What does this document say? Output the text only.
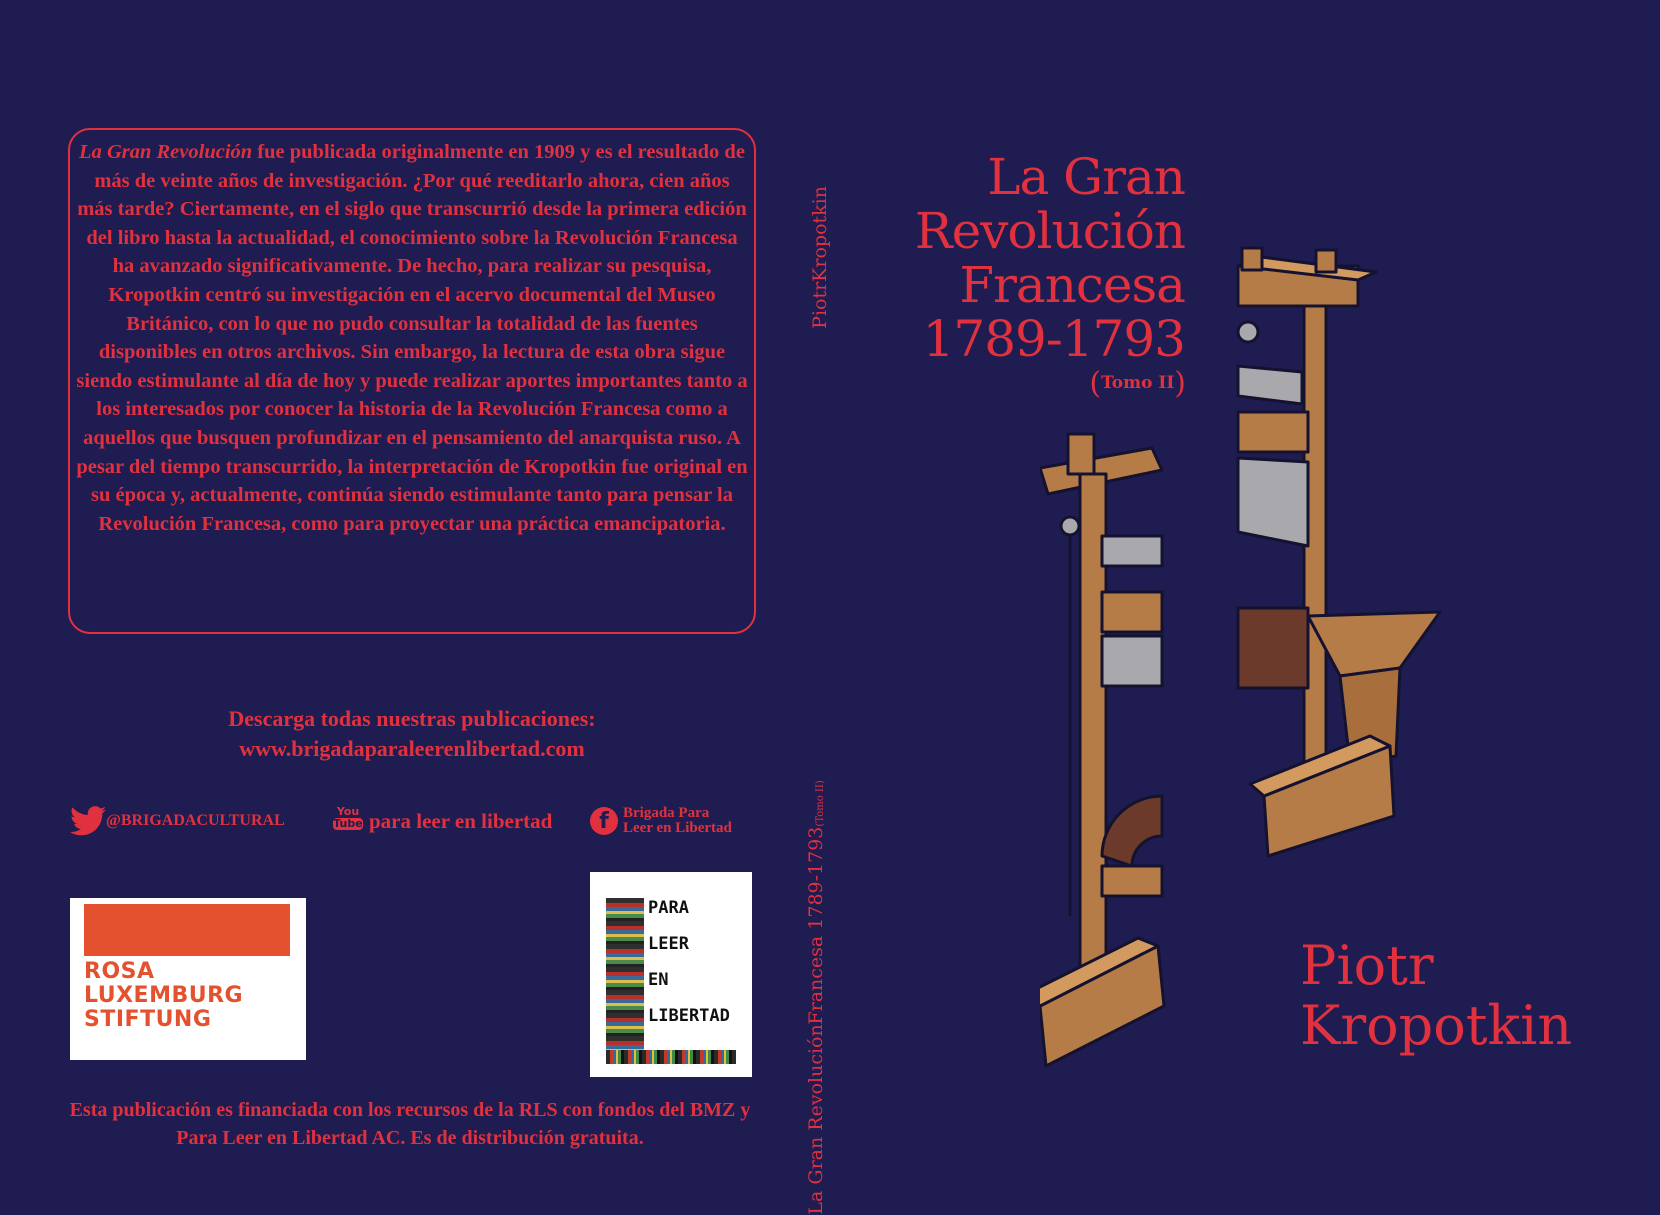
La Gran Revolución fue publicada originalmente en 1909 y es el resultado de más de veinte años de investigación. ¿Por qué reeditarlo ahora, cien años más tarde? Ciertamente, en el siglo que transcurrió desde la primera edición del libro hasta la actualidad, el conocimiento sobre la Revolución Francesa ha avanzado significativamente. De hecho, para realizar su pesquisa, Kropotkin centró su investigación en el acervo documental del Museo Británico, con lo que no pudo consultar la totalidad de las fuentes disponibles en otros archivos. Sin embargo, la lectura de esta obra sigue siendo estimulante al día de hoy y puede realizar aportes importantes tanto a los interesados por conocer la historia de la Revolución Francesa como a aquellos que busquen profundizar en el pensamiento del anarquista ruso. A pesar del tiempo transcurrido, la interpretación de Kropotkin fue original en su época y, actualmente, continúa siendo estimulante tanto para pensar la Revolución Francesa, como para proyectar una práctica emancipatoria.
Descarga todas nuestras publicaciones:
www.brigadaparaleerenlibertad.com
@BRIGADACULTURAL
You
Tube para leer en libertad	f Brigada Para
Leer en Libertad
ROSA
LUXEMBURG
STIFTUNG
PARA
LEER
EN
LIBERTAD
Esta publicación es financiada con los recursos de la RLS con fondos del BMZ y Para Leer en Libertad AC. Es de distribución gratuita.
Piotr
Kropotkin
La Gran Revolución
Francesa 1789-1793
(Tomo II)
La Gran
Revolución
Francesa
1789-1793
(Tomo II)
Piotr
Kropotkin
